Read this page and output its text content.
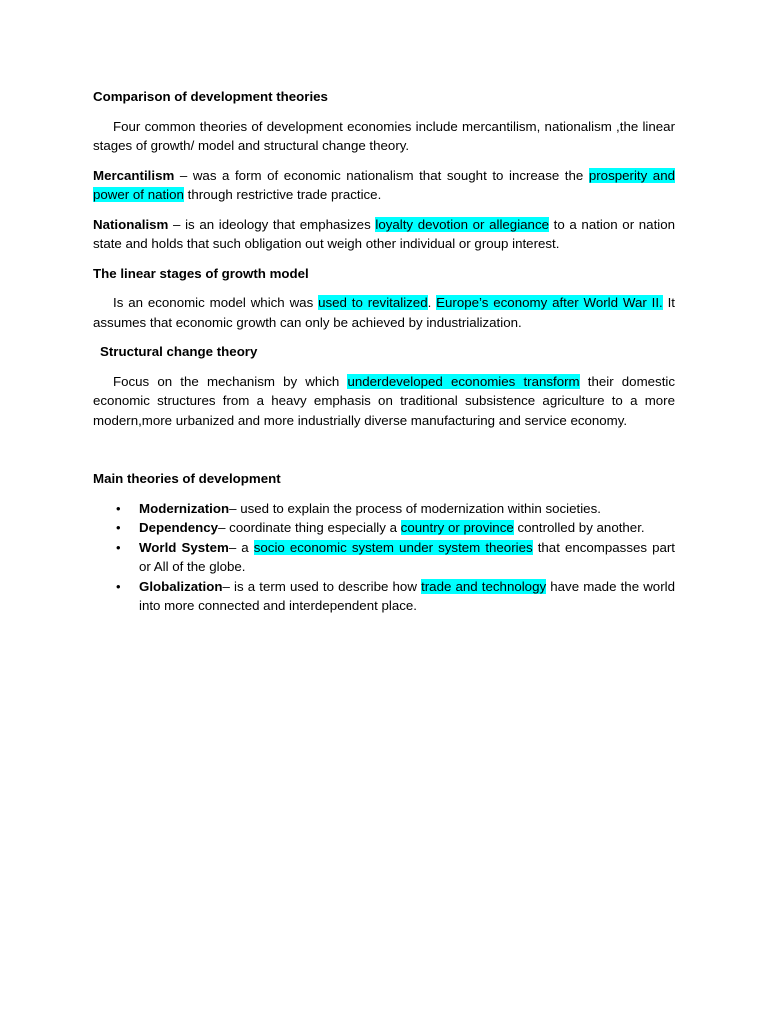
Comparison of development theories

Four common theories of development economies include mercantilism, nationalism ,the linear stages of growth/ model and structural change theory.

Mercantilism – was a form of economic nationalism that sought to increase the prosperity and power of nation through restrictive trade practice.

Nationalism – is an ideology that emphasizes loyalty devotion or allegiance to a nation or nation state and holds that such obligation out weigh other individual or group interest.

The linear stages of growth model

Is an economic model which was used to revitalized. Europe’s economy after World War II. It assumes that economic growth can only be achieved by industrialization.

Structural change theory

Focus on the mechanism by which underdeveloped economies transform their domestic economic structures from a heavy emphasis on traditional subsistence agriculture to a more modern,more urbanized and more industrially diverse manufacturing and service economy.

Main theories of development

• Modernization– used to explain the process of modernization within societies.
• Dependency– coordinate thing especially a country or province controlled by another.
• World System– a socio economic system under system theories that encompasses part or All of the globe.
• Globalization– is a term used to describe how trade and technology have made the world into more connected and interdependent place.
